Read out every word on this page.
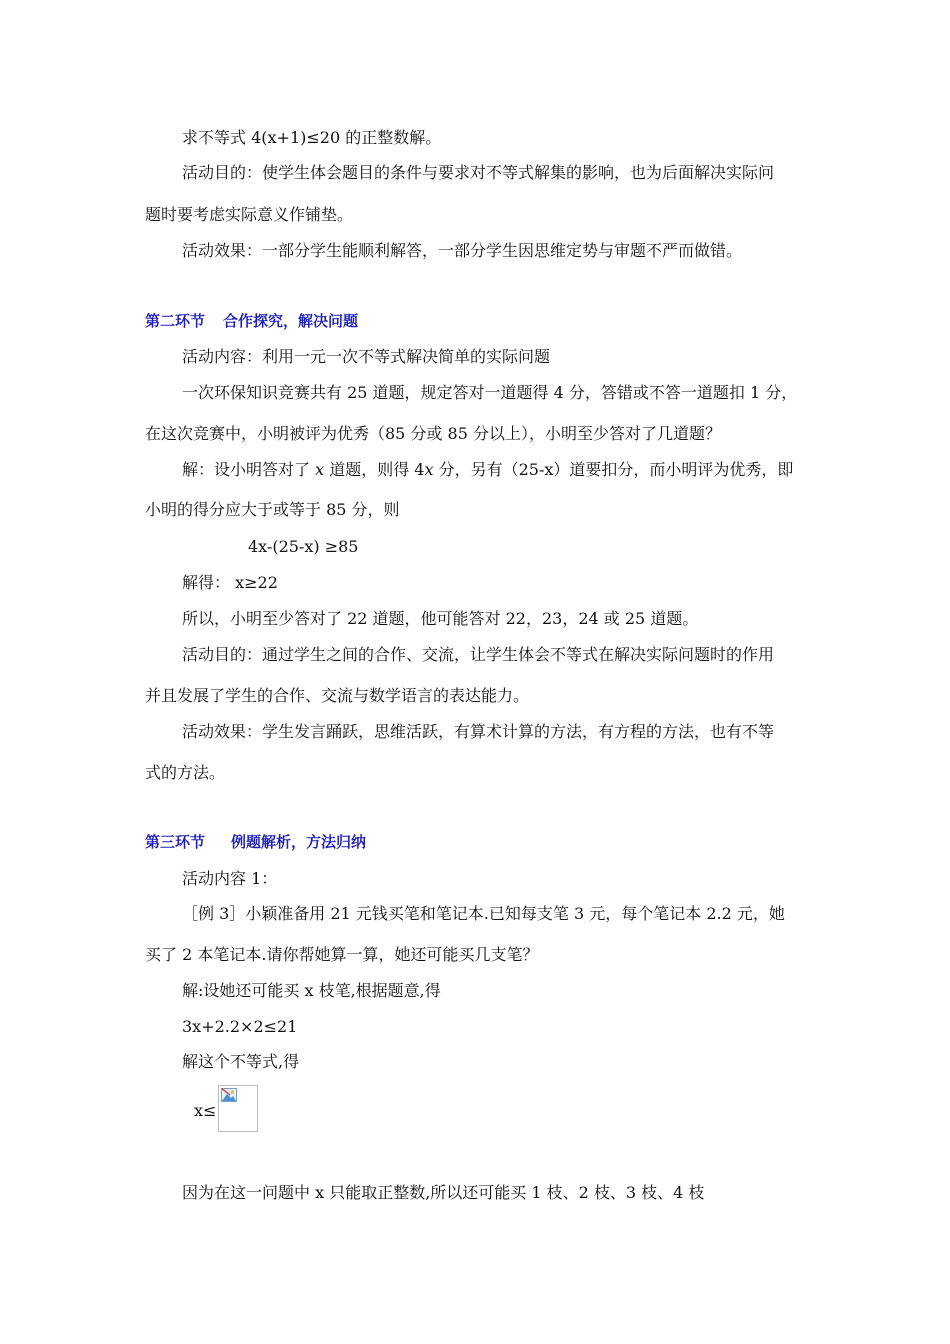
求不等式 4(x+1)≤20 的正整数解。
活动目的：使学生体会题目的条件与要求对不等式解集的影响，也为后面解决实际问
题时要考虑实际意义作铺垫。
活动效果：一部分学生能顺利解答，一部分学生因思维定势与审题不严而做错。
第二环节 合作探究，解决问题
活动内容：利用一元一次不等式解决简单的实际问题
一次环保知识竞赛共有 25 道题，规定答对一道题得 4 分，答错或不答一道题扣 1 分，
在这次竞赛中，小明被评为优秀（85 分或 85 分以上），小明至少答对了几道题？
解：设小明答对了 x 道题，则得 4x 分，另有（25-x）道要扣分，而小明评为优秀，即
小明的得分应大于或等于 85 分，则
4x-(25-x) ≥85
解得： x≥22
所以，小明至少答对了 22 道题，他可能答对 22，23，24 或 25 道题。
活动目的：通过学生之间的合作、交流，让学生体会不等式在解决实际问题时的作用
并且发展了学生的合作、交流与数学语言的表达能力。
活动效果：学生发言踊跃，思维活跃，有算术计算的方法，有方程的方法，也有不等
式的方法。
第三环节 例题解析，方法归纳
活动内容 1：
［例 3］小颖准备用 21 元钱买笔和笔记本.已知每支笔 3 元，每个笔记本 2.2 元，她
买了 2 本笔记本.请你帮她算一算，她还可能买几支笔？
解:设她还可能买 x 枝笔,根据题意,得
3x+2.2×2≤21
解这个不等式,得
x≤
因为在这一问题中 x 只能取正整数,所以还可能买 1 枝、2 枝、3 枝、4 枝
